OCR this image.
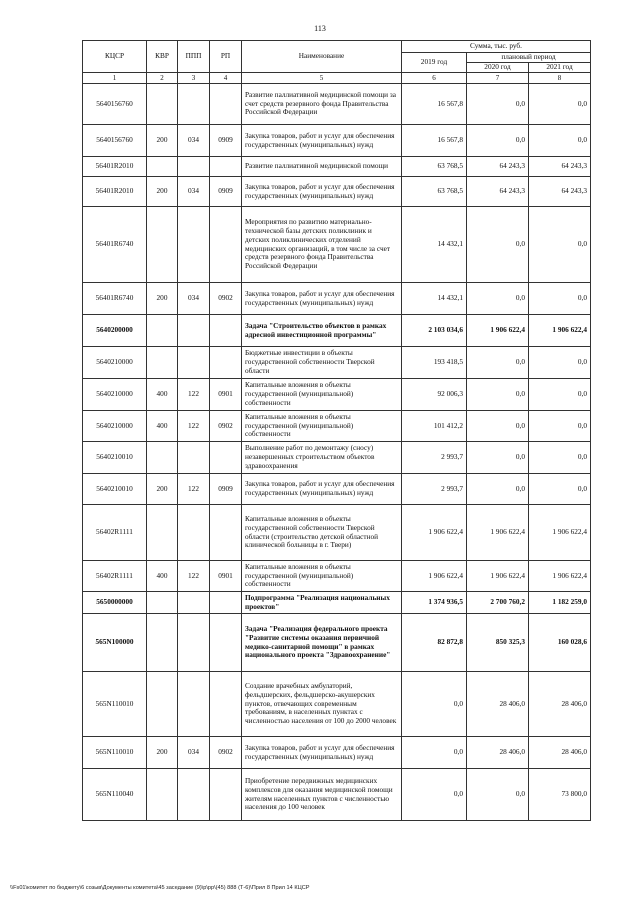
113
КЦСР	КВР	ППП	РП	Наименование	Сумма, тыс. руб.		
					2019 год	плановый период	
						2020 год	2021 год
1	2	3	4	5	6	7	8
5640156760				Развитие паллиативной медицинской помощи за счет средств резервного фонда Правительства Российской Федерации	16 567,8	0,0	0,0
5640156760	200	034	0909	Закупка товаров, работ и услуг для обеспечения государственных (муниципальных) нужд	16 567,8	0,0	0,0
56401R2010				Развитие паллиативной медицинской помощи	63 768,5	64 243,3	64 243,3
56401R2010	200	034	0909	Закупка товаров, работ и услуг для обеспечения государственных (муниципальных) нужд	63 768,5	64 243,3	64 243,3
56401R6740				Мероприятия по развитию материально-технической базы детских поликлиник и детских поликлинических отделений медицинских организаций, в том числе за счет средств резервного фонда Правительства Российской Федерации	14 432,1	0,0	0,0
56401R6740	200	034	0902	Закупка товаров, работ и услуг для обеспечения государственных (муниципальных) нужд	14 432,1	0,0	0,0
5640200000				Задача "Строительство объектов в рамках адресной инвестиционной программы"	2 103 034,6	1 906 622,4	1 906 622,4
5640210000				Бюджетные инвестиции в объекты государственной собственности Тверской области	193 418,5	0,0	0,0
5640210000	400	122	0901	Капитальные вложения в объекты государственной (муниципальной) собственности	92 006,3	0,0	0,0
5640210000	400	122	0902	Капитальные вложения в объекты государственной (муниципальной) собственности	101 412,2	0,0	0,0
5640210010				Выполнение работ по демонтажу (сносу) незавершенных строительством объектов здравоохранения	2 993,7	0,0	0,0
5640210010	200	122	0909	Закупка товаров, работ и услуг для обеспечения государственных (муниципальных) нужд	2 993,7	0,0	0,0
56402R1111				Капитальные вложения в объекты государственной собственности Тверской области (строительство детской областной клинической больницы в г. Твери)	1 906 622,4	1 906 622,4	1 906 622,4
56402R1111	400	122	0901	Капитальные вложения в объекты государственной (муниципальной) собственности	1 906 622,4	1 906 622,4	1 906 622,4
5650000000				Подпрограмма "Реализация национальных проектов"	1 374 936,5	2 700 760,2	1 182 259,0
565N100000				Задача "Реализация федерального проекта "Развитие системы оказания первичной медико-санитарной помощи" в рамках национального проекта "Здравоохранение"	82 872,8	850 325,3	160 028,6
565N110010				Создание врачебных амбулаторий, фельдшерских, фельдшерско-акушерских пунктов, отвечающих современным требованиям, в населенных пунктах с численностью населения от 100 до 2000 человек	0,0	28 406,0	28 406,0
565N110010	200	034	0902	Закупка товаров, работ и услуг для обеспечения государственных (муниципальных) нужд	0,0	28 406,0	28 406,0
565N110040				Приобретение передвижных медицинских комплексов для оказания медицинской помощи жителям населенных пунктов с численностью населения до 100 человек	0,0	0,0	73 800,0
\\Fs01\комитет по бюджету\6 созыв\Документы комитета\45 заседание (9)\р\рр\(45) 888 (Т-6)\Прил 8 Прил 14 КЦСР
